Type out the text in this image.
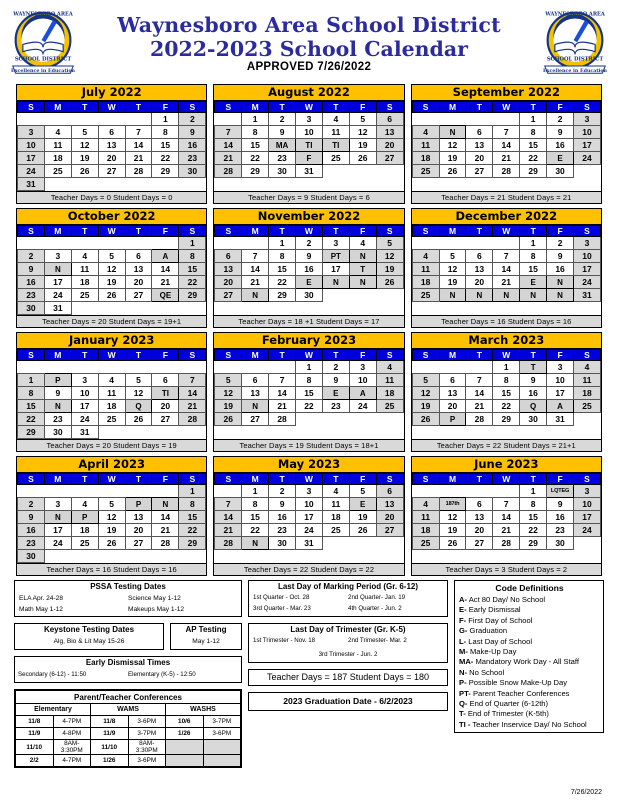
SCHOOL DISTRICT
Excellence in Education
WAYNESBORO AREA	Waynesboro Area School District
2022-2023 School Calendar
APPROVED 7/26/2022
SCHOOL DISTRICT
Excellence in Education
WAYNESBORO AREA
July 2022
S	M	T	W	T	F	S
					1	2
3	4	5	6	7	8	9
10	11	12	13	14	15	16
17	18	19	20	21	22	23
24	25	26	27	28	29	30
31						
Teacher Days = 0 Student Days = 0
August 2022
S	M	T	W	T	F	S
	1	2	3	4	5	6
7	8	9	10	11	12	13
14	15	MA	TI	TI	19	20
21	22	23	F	25	26	27
28	29	30	31			

Teacher Days = 9 Student Days = 6
September 2022
S	M	T	W	T	F	S
				1	2	3
4	N	6	7	8	9	10
11	12	13	14	15	16	17
18	19	20	21	22	E	24
25	26	27	28	29	30	

Teacher Days = 21 Student Days = 21
October 2022
S	M	T	W	T	F	S
						1
2	3	4	5	6	A	8
9	N	11	12	13	14	15
16	17	18	19	20	21	22
23	24	25	26	27	QE	29
30	31					
Teacher Days = 20 Student Days = 19+1
November 2022
S	M	T	W	T	F	S
		1	2	3	4	5
6	7	8	9	PT	N	12
13	14	15	16	17	T	19
20	21	22	E	N	N	26
27	N	29	30			

Teacher Days = 18 +1 Student Days = 17
December 2022
S	M	T	W	T	F	S
				1	2	3
4	5	6	7	8	9	10
11	12	13	14	15	16	17
18	19	20	21	E	N	24
25	N	N	N	N	N	31

Teacher Days = 16 Student Days = 16
January 2023
S	M	T	W	T	F	S

1	P	3	4	5	6	7
8	9	10	11	12	TI	14
15	N	17	18	Q	20	21
22	23	24	25	26	27	28
29	30	31				
Teacher Days = 20 Student Days = 19
February 2023
S	M	T	W	T	F	S
			1	2	3	4
5	6	7	8	9	10	11
12	13	14	15	E	A	18
19	N	21	22	23	24	25
26	27	28				

Teacher Days = 19 Student Days = 18+1
March 2023
S	M	T	W	T	F	S
			1	T	3	4
5	6	7	8	9	10	11
12	13	14	15	16	17	18
19	20	21	22	Q	A	25
26	P	28	29	30	31	

Teacher Days = 22 Student Days = 21+1
April 2023
S	M	T	W	T	F	S
						1
2	3	4	5	P	N	8
9	N	P	12	13	14	15
16	17	18	19	20	21	22
23	24	25	26	27	28	29
30						
Teacher Days = 16 Student Days = 16
May 2023
S	M	T	W	T	F	S
	1	2	3	4	5	6
7	8	9	10	11	E	13
14	15	16	17	18	19	20
21	22	23	24	25	26	27
28	N	30	31			

Teacher Days = 22 Student Days = 22
June 2023
S	M	T	W	T	F	S
				1	LQTEG	3
4	187th	6	7	8	9	10
11	12	13	14	15	16	17
18	19	20	21	22	23	24
25	26	27	28	29	30	

Teacher Days = 3 Student Days = 2
PSSA Testing Dates
ELA Apr. 24-28	Science May 1-12
Math May 1-12	Makeups May 1-12
Keystone Testing Dates
Alg, Bio & Lit May 15-26
AP Testing
May 1-12
Early Dismissal Times
Secondary (6-12) - 11:50	Elementary (K-5) - 12:50
Parent/Teacher Conferences					
Elementary		WAMS		WASHS	
11/8	4-7PM	11/8	3-6PM	10/6	3-7PM
11/9	4-8PM	11/9	3-7PM	1/26	3-6PM
11/10	8AM-3:30PM	11/10	8AM-3:30PM		
2/2	4-7PM	1/26	3-6PM		
Last Day of Marking Period (Gr. 6-12)
1st Quarter - Oct. 28	2nd Quarter- Jan. 19
3rd Quarter - Mar. 23	4th Quarter - Jun. 2
Last Day of Trimester (Gr. K-5)
1st Trimester - Nov. 18	2nd Trimester- Mar. 2
3rd Trimester - Jun. 2
Teacher Days = 187 Student Days = 180
2023 Graduation Date - 6/2/2023
Code Definitions
A- Act 80 Day/ No School
E- Early Dismissal
F- First Day of School
G- Graduation
L- Last Day of School
M- Make-Up Day
MA- Mandatory Work Day - All Staff
N- No School
P- Possible Snow Make-Up Day
PT- Parent Teacher Conferences
Q- End of Quarter (6-12th)
T- End of Trimester (K-5th)
TI - Teacher Inservice Day/ No School
7/26/2022
